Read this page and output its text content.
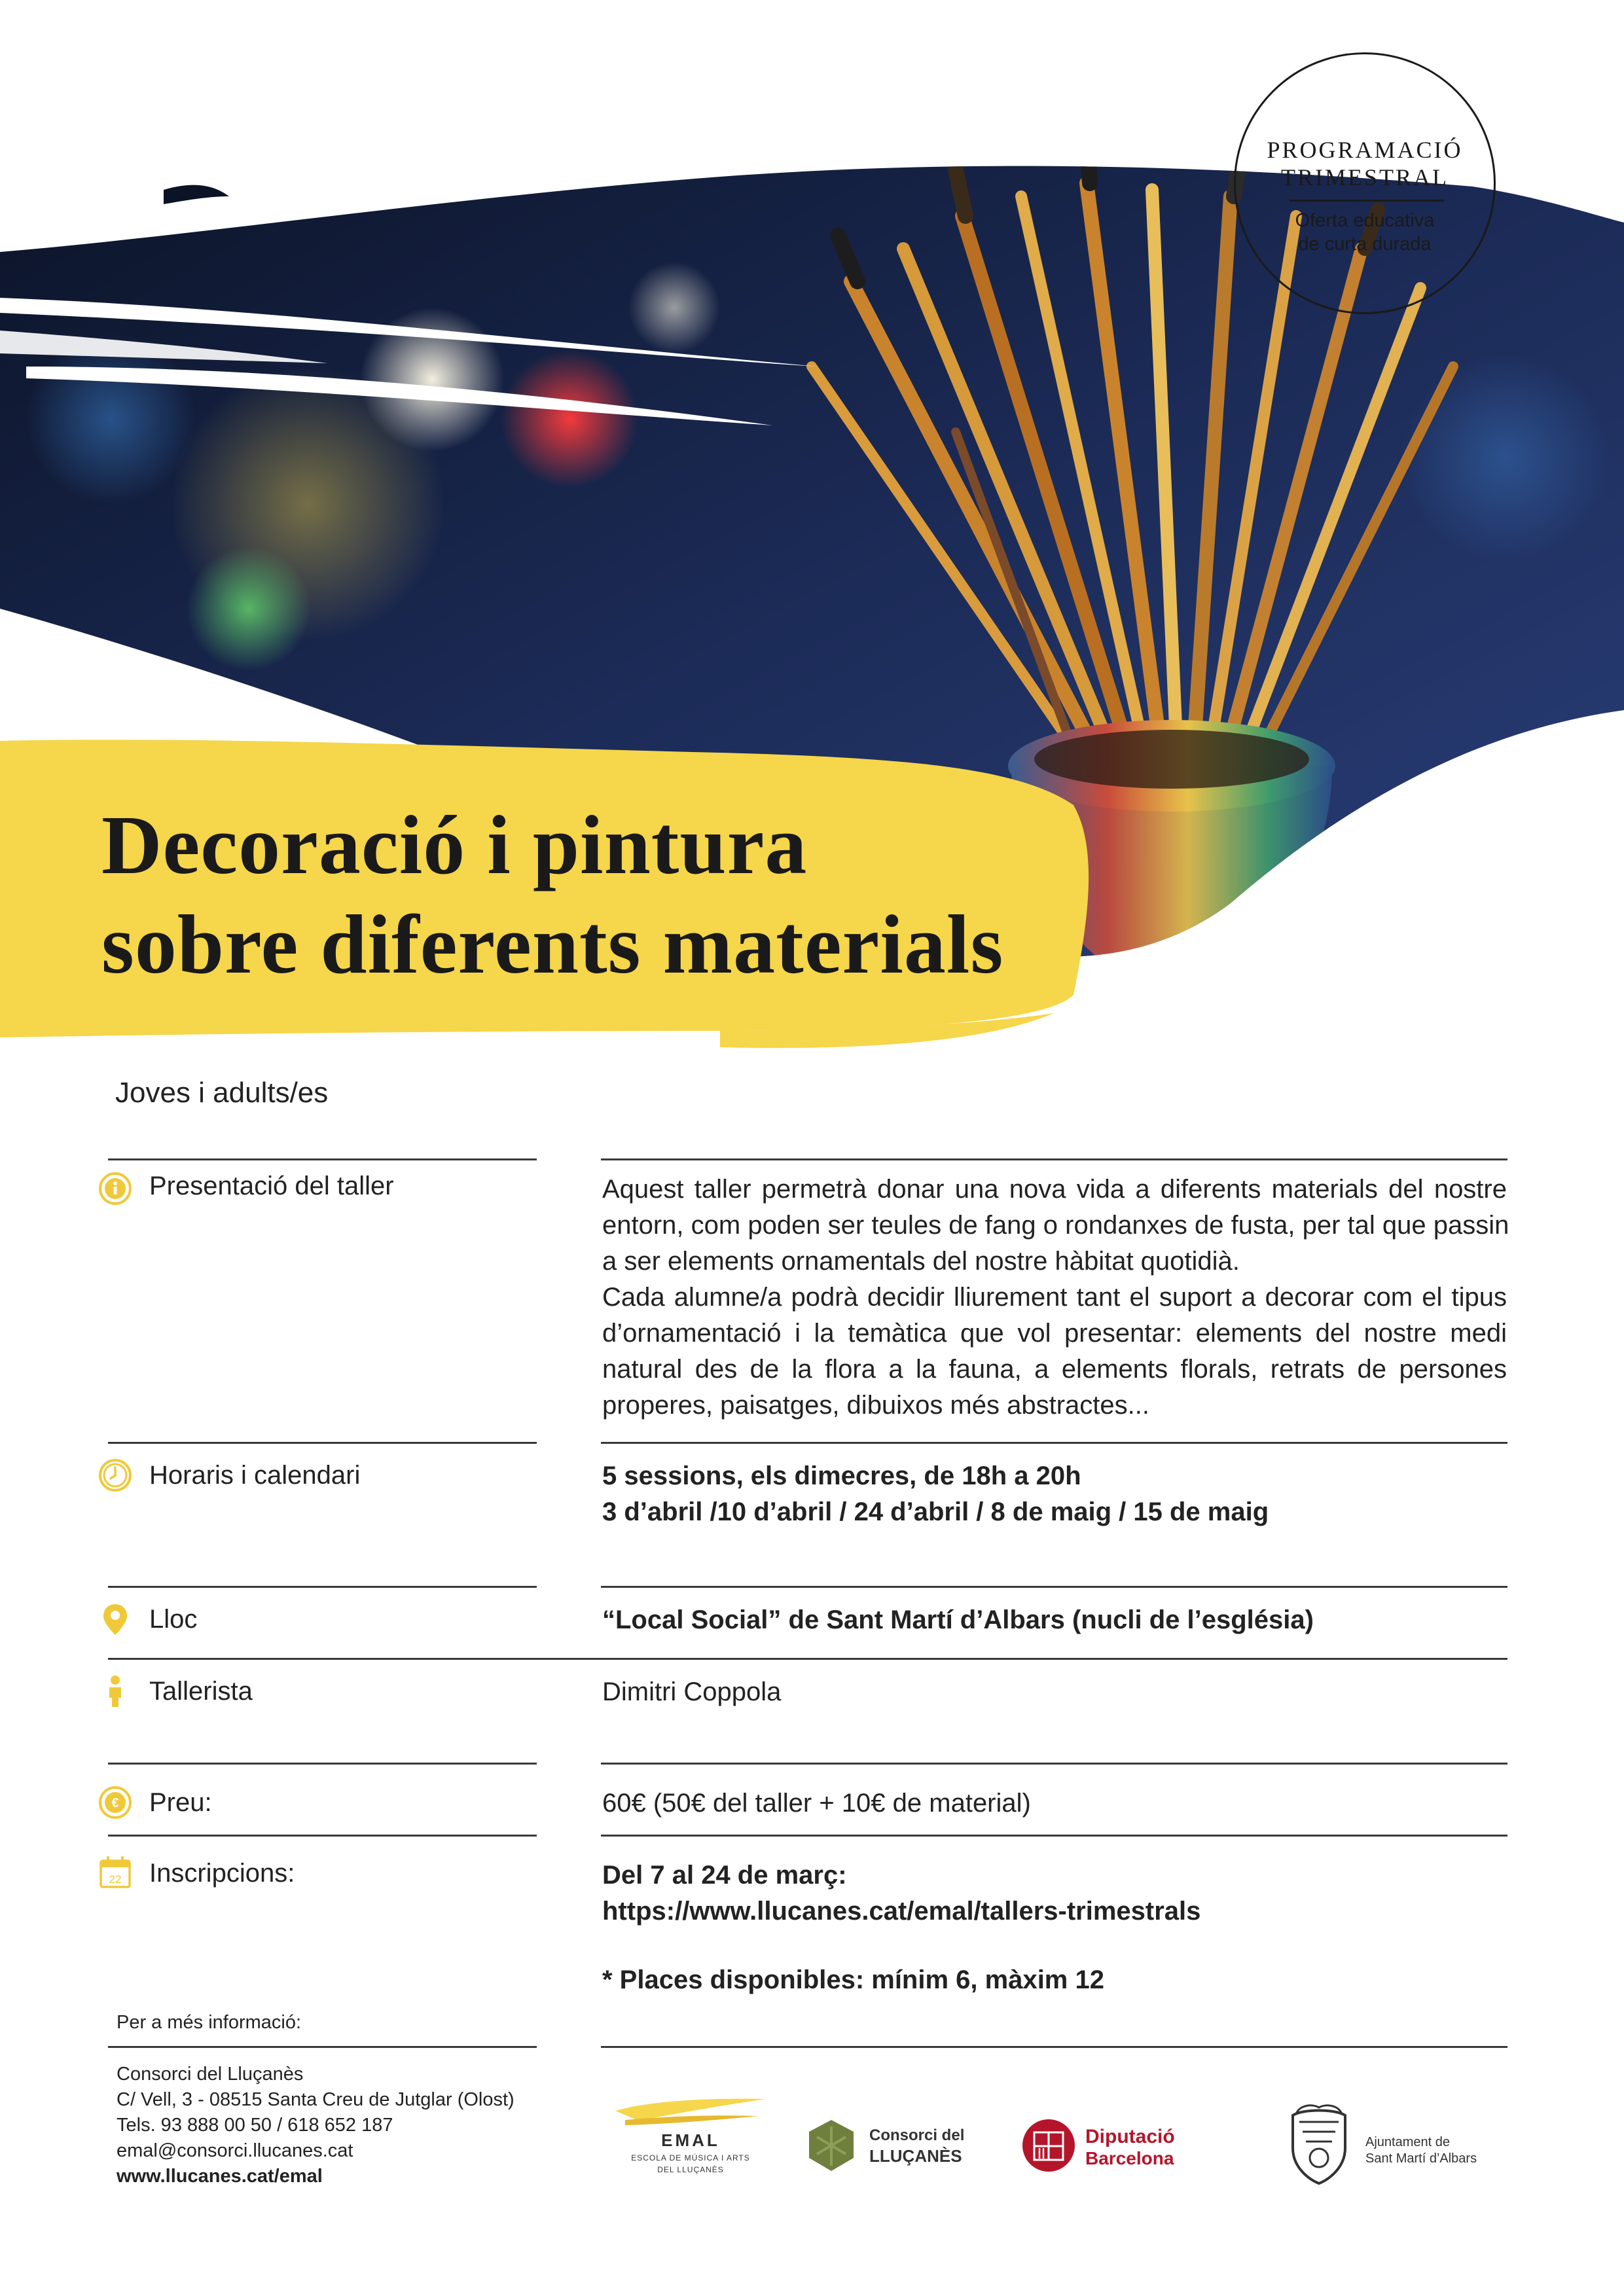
PROGRAMACIÓ
TRIMESTRAL
Oferta educativa
de curta durada
Decoració i pintura
sobre diferents materials
Joves i adults/es
Presentació del taller	Aquest taller permetrà donar una nova vida a diferents materials del nostre
entorn, com poden ser teules de fang o rondanxes de fusta, per tal que passin
a ser elements ornamentals del nostre hàbitat quotidià.
Cada alumne/a podrà decidir lliurement tant el suport a decorar com el tipus
d’ornamentació i la temàtica que vol presentar: elements del nostre medi
natural des de la flora a la fauna, a elements florals, retrats de persones
properes, paisatges, dibuixos més abstractes...
Horaris i calendari	5 sessions, els dimecres, de 18h a 20h
3 d’abril /10 d’abril / 24 d’abril / 8 de maig / 15 de maig
Lloc	“Local Social” de Sant Martí d’Albars (nucli de l’església)
Tallerista	Dimitri Coppola
€ Preu:	60€ (50€ del taller + 10€ de material)
22 Inscripcions:	Del 7 al 24 de març:
https://www.llucanes.cat/emal/tallers-trimestrals
* Places disponibles: mínim 6, màxim 12
Per a més informació:
Consorci del Lluçanès
C/ Vell, 3 - 08515 Santa Creu de Jutglar (Olost)
Tels. 93 888 00 50 / 618 652 187
emal@consorci.llucanes.cat
www.llucanes.cat/emal
EMAL
ESCOLA DE MÚSICA I ARTS
DEL LLUÇANÈS
Consorci del
LLUÇANÈS
Diputació
Barcelona
Ajuntament de
Sant Martí d’Albars
